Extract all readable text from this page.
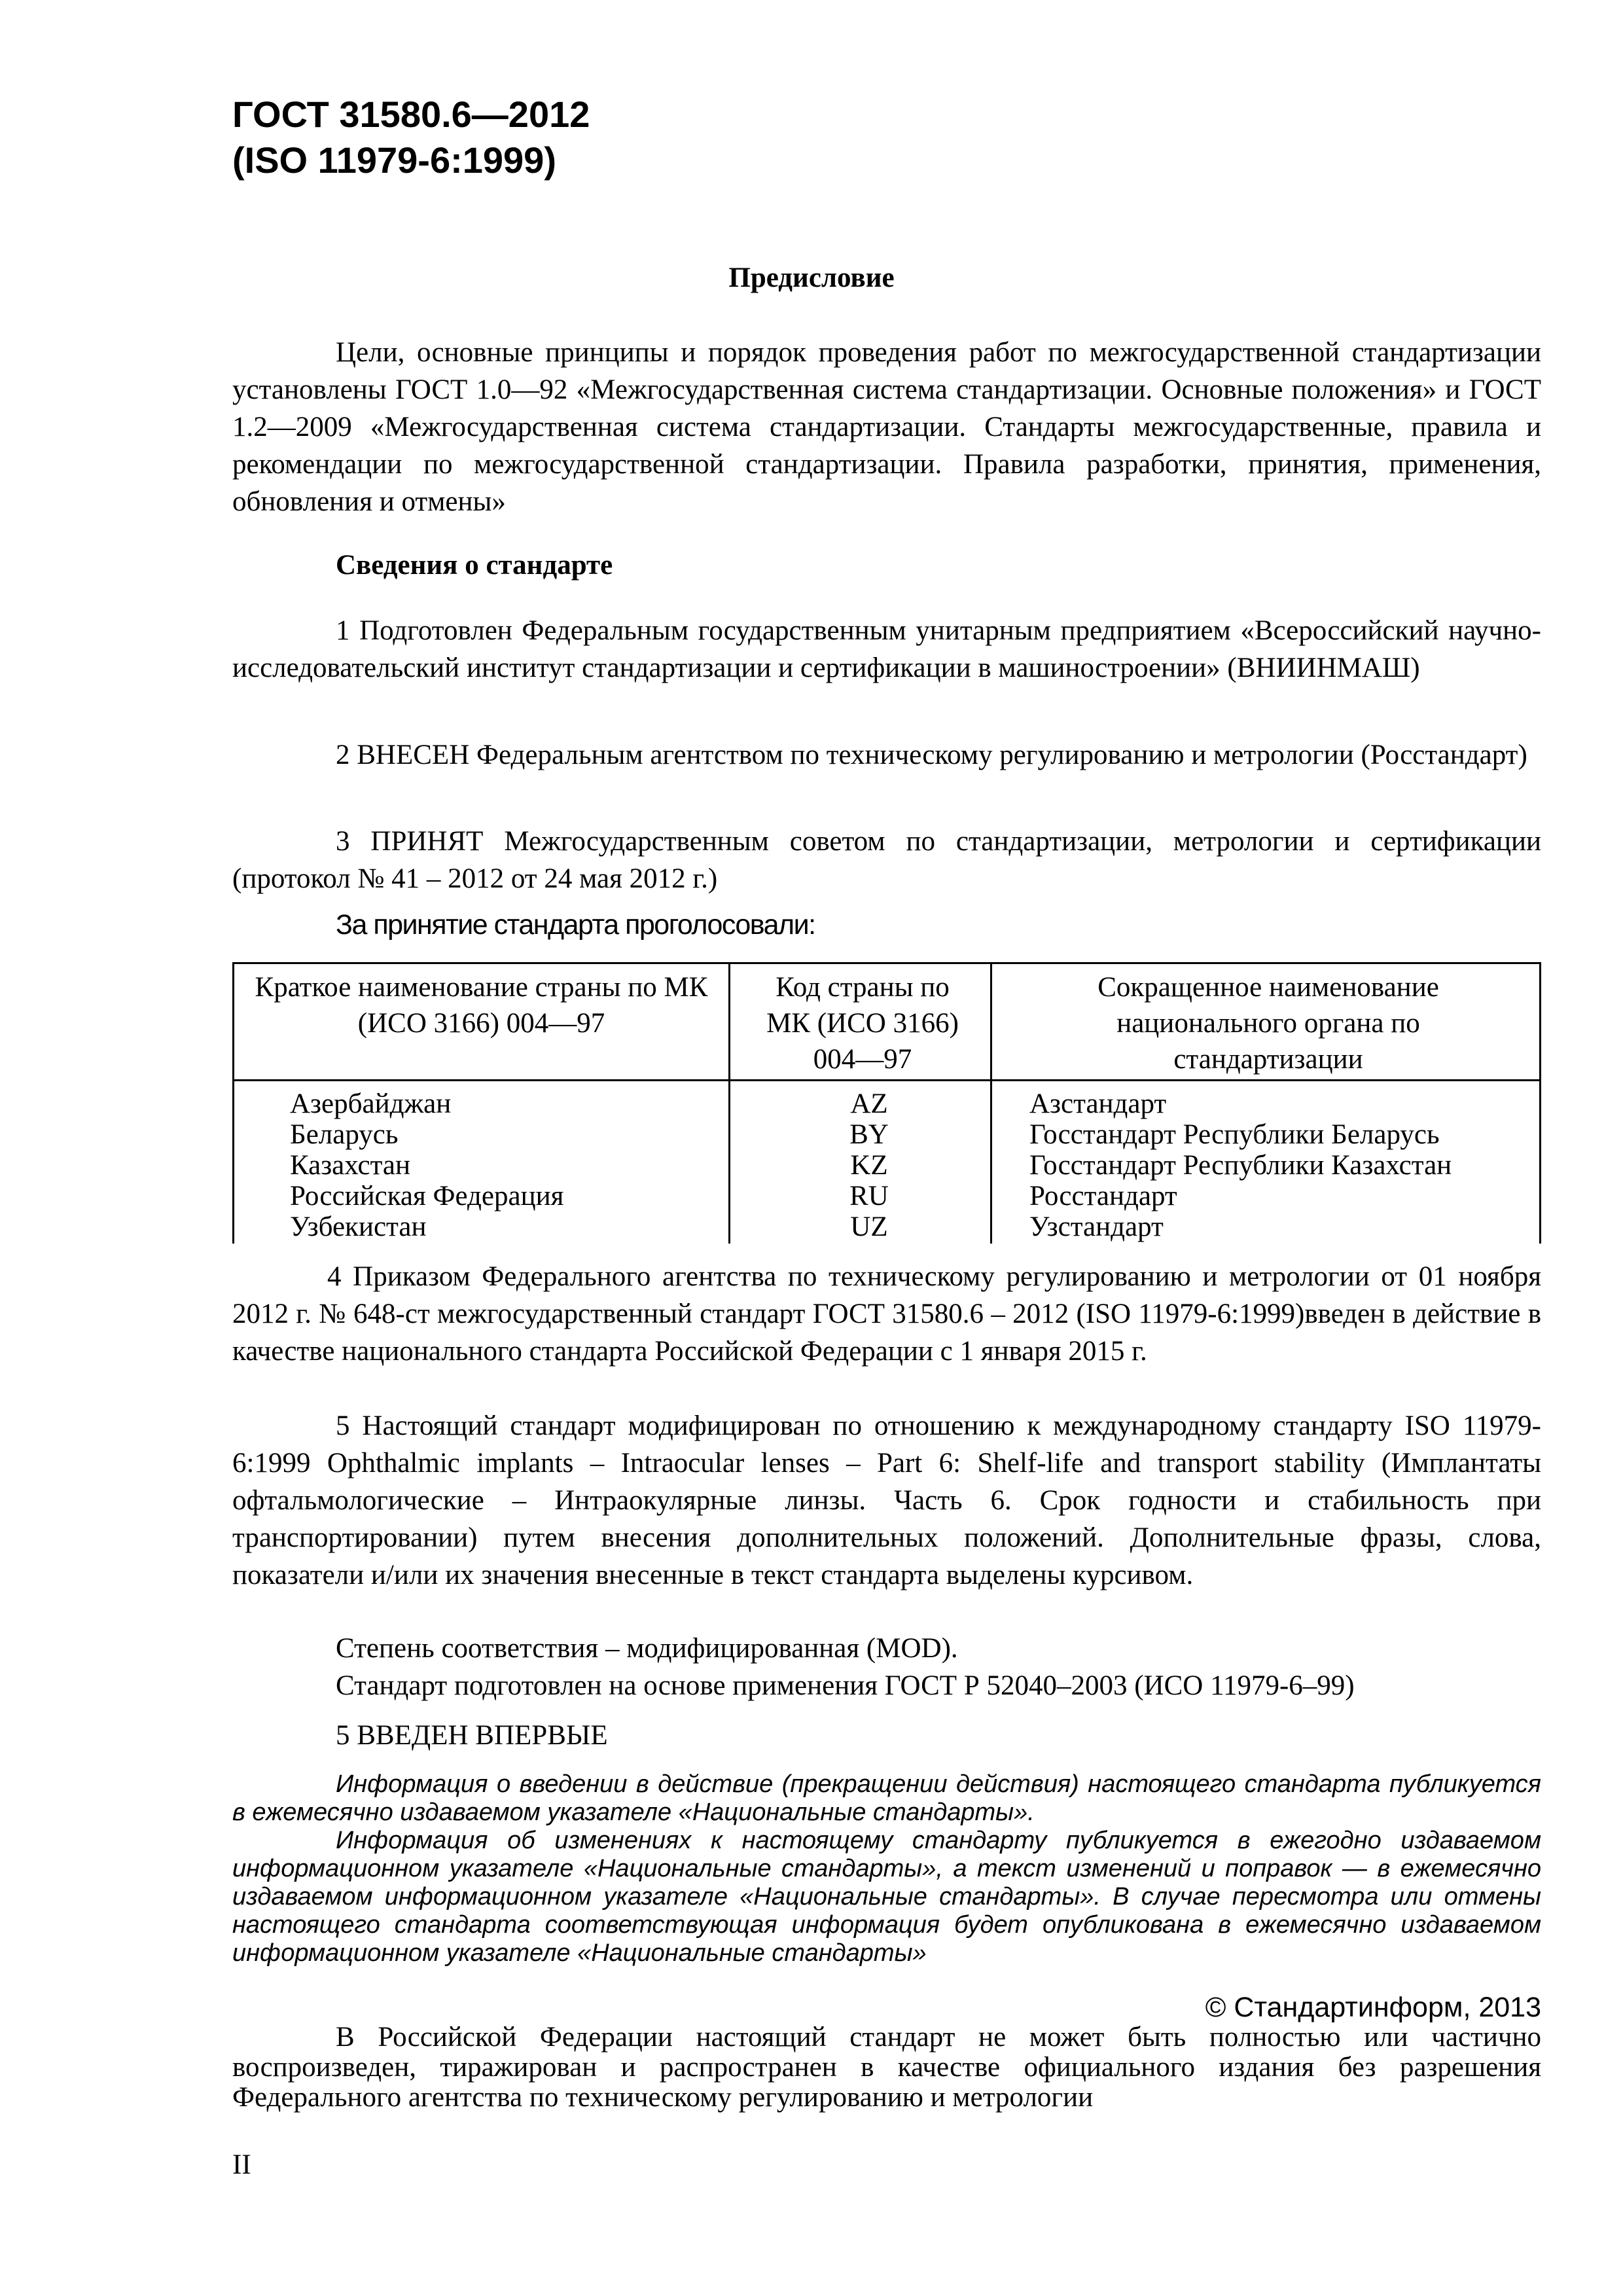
ГОСТ 31580.6—2012
(ISO 11979-6:1999)
Предисловие

Цели, основные принципы и порядок проведения работ по межгосударственной стандартизации установлены ГОСТ 1.0—92 «Межгосударственная система стандартизации. Основные положения» и ГОСТ 1.2—2009 «Межгосударственная система стандартизации. Стандарты межгосударственные, правила и рекомендации по межгосударственной стандартизации. Правила разработки, принятия, применения, обновления и отмены»

Сведения о стандарте

1 Подготовлен Федеральным государственным унитарным предприятием «Всероссийский научно-исследовательский институт стандартизации и сертификации в машиностроении» (ВНИИНМАШ)

2 ВНЕСЕН Федеральным агентством по техническому регулированию и метрологии (Росстандарт)

3 ПРИНЯТ Межгосударственным советом по стандартизации, метрологии и сертификации (протокол № 41 – 2012 от 24 мая 2012 г.)

За принятие стандарта проголосовали:

Краткое наименование страны по МК (ИСО 3166) 004—97
Код страны по МК (ИСО 3166) 004—97
Сокращенное наименование национального органа по стандартизации
Азербайджан
Беларусь
Казахстан
Российская Федерация
Узбекистан
AZ
BY
KZ
RU
UZ
Азстандарт
Госстандарт Республики Беларусь
Госстандарт Республики Казахстан
Росстандарт
Узстандарт

4 Приказом Федерального агентства по техническому регулированию и метрологии от 01 ноября 2012 г. № 648-ст межгосударственный стандарт ГОСТ 31580.6 – 2012 (ISO 11979-6:1999)введен в действие в качестве национального стандарта Российской Федерации с 1 января 2015 г.

5 Настоящий стандарт модифицирован по отношению к международному стандарту ISO 11979-6:1999 Ophthalmic implants – Intraocular lenses – Part 6: Shelf-life and transport stability (Имплантаты офтальмологические – Интраокулярные линзы. Часть 6. Срок годности и стабильность при транспортировании) путем внесения дополнительных положений. Дополнительные фразы, слова, показатели и/или их значения внесенные в текст стандарта выделены курсивом.

Степень соответствия – модифицированная (MOD).

Стандарт подготовлен на основе применения ГОСТ Р 52040–2003 (ИСО 11979-6–99)

5 ВВЕДЕН ВПЕРВЫЕ

Информация о введении в действие (прекращении действия) настоящего стандарта публикуется в ежемесячно издаваемом указателе «Национальные стандарты».

Информация об изменениях к настоящему стандарту публикуется в ежегодно издаваемом информационном указателе «Национальные стандарты», а текст изменений и поправок — в ежемесячно издаваемом информационном указателе «Национальные стандарты». В случае пересмотра или отмены настоящего стандарта соответствующая информация будет опубликована в ежемесячно издаваемом информационном указателе «Национальные стандарты»

© Стандартинформ, 2013

В Российской Федерации настоящий стандарт не может быть полностью или частично воспроизведен, тиражирован и распространен в качестве официального издания без разрешения Федерального агентства по техническому регулированию и метрологии

II
